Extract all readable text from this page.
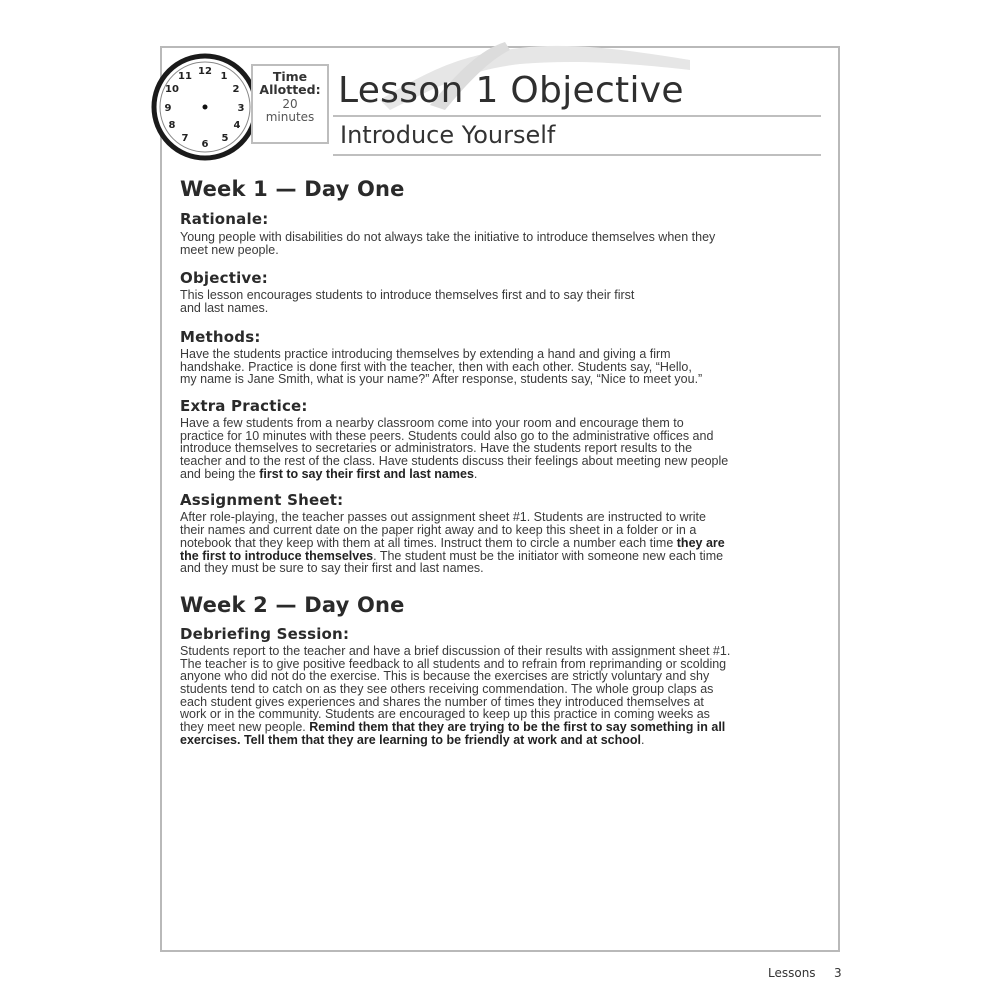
12 1
2
3
4
5
6
7
8
9
10
11	Time Allotted:
20
minutes
Lesson 1 Objective
Introduce Yourself
Week 1 — Day One
Rationale:
Young people with disabilities do not always take the initiative to introduce themselves when they
meet new people.
Objective:
This lesson encourages students to introduce themselves first and to say their first
and last names.
Methods:
Have the students practice introducing themselves by extending a hand and giving a firm
handshake. Practice is done first with the teacher, then with each other. Students say, “Hello,
my name is Jane Smith, what is your name?” After response, students say, “Nice to meet you.”
Extra Practice:
Have a few students from a nearby classroom come into your room and encourage them to
practice for 10 minutes with these peers. Students could also go to the administrative offices and
introduce themselves to secretaries or administrators. Have the students report results to the
teacher and to the rest of the class. Have students discuss their feelings about meeting new people
and being the first to say their first and last names.
Assignment Sheet:
After role-playing, the teacher passes out assignment sheet #1. Students are instructed to write
their names and current date on the paper right away and to keep this sheet in a folder or in a
notebook that they keep with them at all times. Instruct them to circle a number each time they are
the first to introduce themselves. The student must be the initiator with someone new each time
and they must be sure to say their first and last names.
Week 2 — Day One
Debriefing Session:
Students report to the teacher and have a brief discussion of their results with assignment sheet #1.
The teacher is to give positive feedback to all students and to refrain from reprimanding or scolding
anyone who did not do the exercise. This is because the exercises are strictly voluntary and shy
students tend to catch on as they see others receiving commendation. The whole group claps as
each student gives experiences and shares the number of times they introduced themselves at
work or in the community. Students are encouraged to keep up this practice in coming weeks as
they meet new people. Remind them that they are trying to be the first to say something in all
exercises. Tell them that they are learning to be friendly at work and at school.
Lessons 3
